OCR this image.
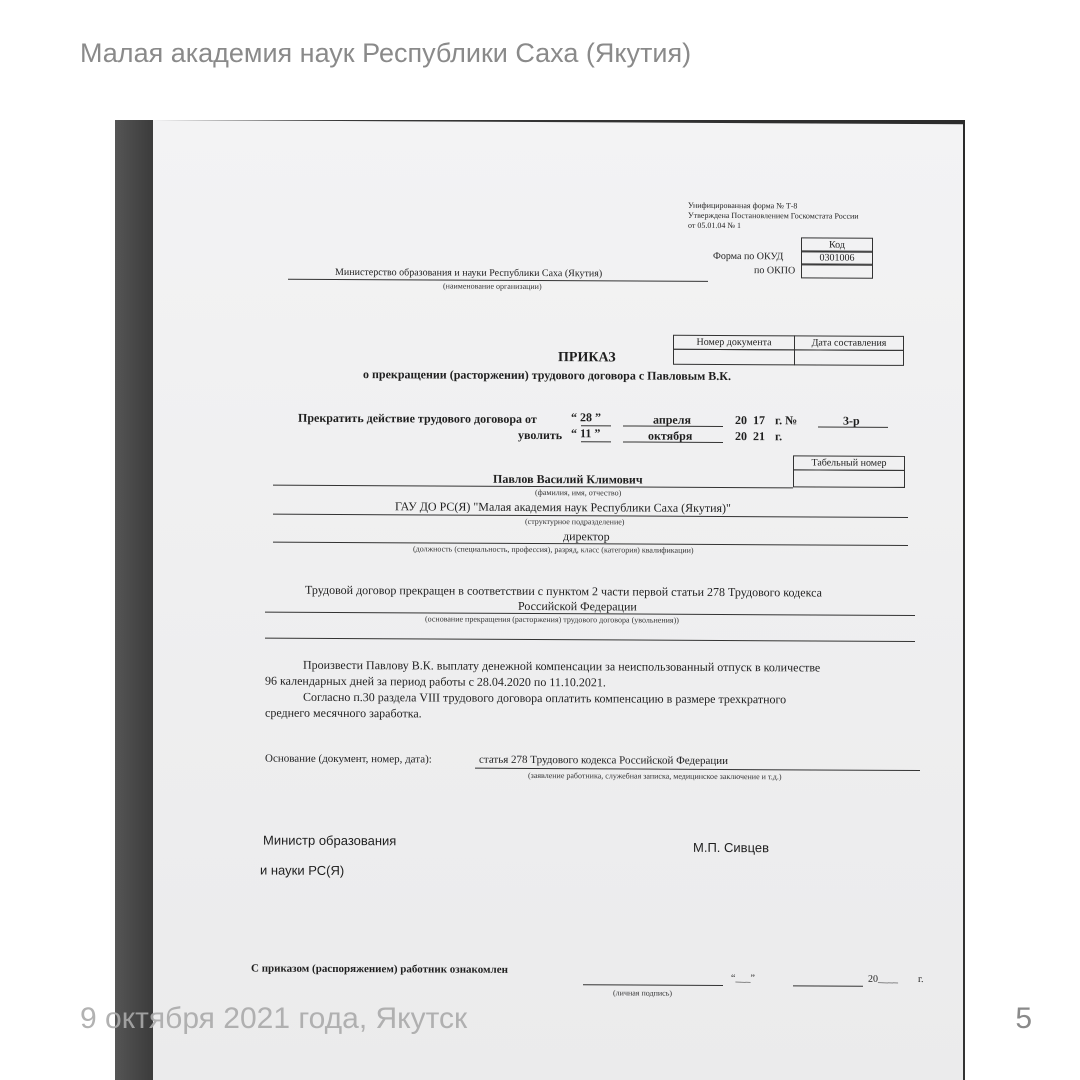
Малая академия наук Республики Саха (Якутия)
Унифицированная форма № Т-8
Утверждена Постановлением Госкомстата России
от 05.01.04 № 1
Код
Форма по ОКУД	0301006
по ОКПО
Министерство образования и науки Республики Саха (Якутия)
(наименование организации)
Номер документа	Дата составления
ПРИКАЗ
о прекращении (расторжении) трудового договора с Павловым В.К.
Прекратить действие трудового договора от	“ 28 ”	апреля	20 17 г. №	3-р
уволить “ 11 ”	октября	20 21 г.
Табельный номер
Павлов Василий Климович
(фамилия, имя, отчество)
ГАУ ДО РС(Я) "Малая академия наук Республики Саха (Якутия)"
(структурное подразделение)
директор
(должность (специальность, профессия), разряд, класс (категория) квалификации)
Трудовой договор прекращен в соответствии с пунктом 2 части первой статьи 278 Трудового кодекса
Российской Федерации
(основание прекращения (расторжения) трудового договора (увольнения))
Произвести Павлову В.К. выплату денежной компенсации за неиспользованный отпуск в количестве
96 календарных дней за период работы с 28.04.2020 по 11.10.2021.
Согласно п.30 раздела VIII трудового договора оплатить компенсацию в размере трехкратного
среднего месячного заработка.
Основание (документ, номер, дата):	статья 278 Трудового кодекса Российской Федерации
(заявление работника, служебная записка, медицинское заключение и т.д.)
Министр образования
и науки РС(Я)
М.П. Сивцев
С приказом (распоряжением) работник ознакомлен
(личная подпись)
“___”	20____ г.
9 октября 2021 года, Якутск	5
